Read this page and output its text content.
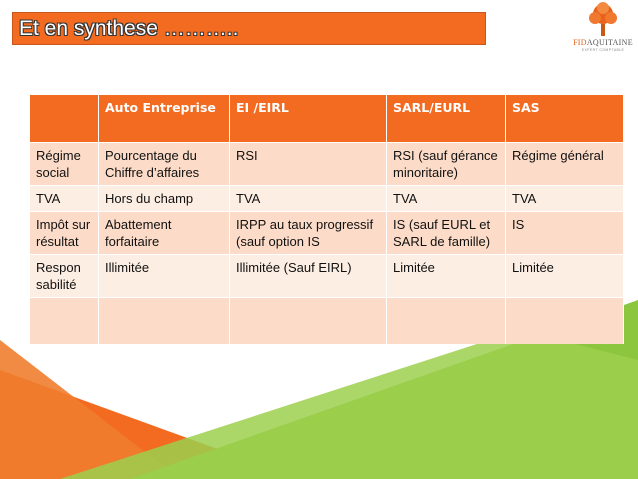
Et en synthese ………..
FIDAQUITAINE
EXPERT COMPTABLE
	Auto Entreprise	EI /EIRL	SARL/EURL	SAS
Régime social	Pourcentage du Chiffre d’affaires	RSI	RSI (sauf gérance minoritaire)	Régime général
TVA	Hors du champ	TVA	TVA	TVA
Impôt sur résultat	Abattement forfaitaire	IRPP au taux progressif (sauf option IS	IS (sauf EURL et SARL de famille)	IS
Respon sabilité	Illimitée	Illimitée (Sauf EIRL)	Limitée	Limitée
